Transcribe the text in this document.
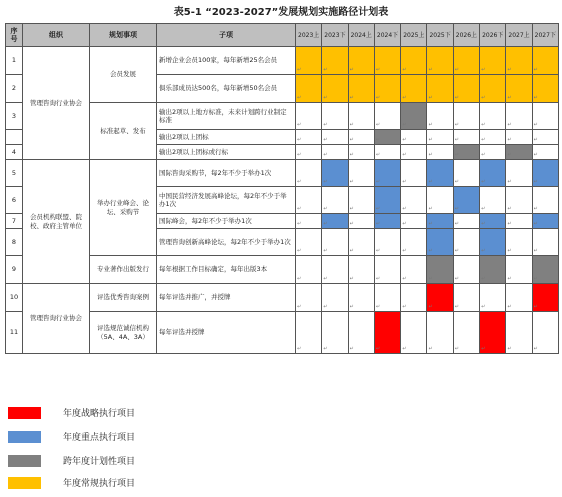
表5-1 “2023-2027”发展规划实施路径计划表
序号	组织	规划事项	子项	2023上	2023下	2024上	2024下	2025上	2025下	2026上	2026下	2027上	2027下
1	管理咨询行业协会	会员发展	新增企业会员100家，每年新增25名会员	↵	↵	↵	↵	↵	↵	↵	↵	↵	↵
2			俱乐部成员达500名，每年新增50名会员	↵	↵	↵	↵	↵	↵	↵	↵	↵	↵
3		标准起草、发布	输出2项以上地方标准，未来计划跨行业制定标准	↵	↵	↵	↵	↵	↵	↵	↵	↵	↵
			输出2项以上团标	↵	↵	↵	↵	↵	↵	↵	↵	↵	↵
4			输出2项以上团标或行标	↵	↵	↵	↵	↵	↵	↵	↵	↵	↵
5	会员机构联盟、院校、政府主管单位	举办行业峰会、论坛、采购节	国际咨询采购节，每2年不少于举办1次	↵	↵	↵	↵	↵	↵	↵	↵	↵	↵
6			中国民营经济发展高峰论坛，每2年不少于举办1次	↵	↵	↵	↵	↵	↵	↵	↵	↵	↵
7			国际峰会，每2年不少于举办1次	↵	↵	↵	↵	↵	↵	↵	↵	↵	↵
8			管理咨询创新高峰论坛，每2年不少于举办1次	↵	↵	↵	↵	↵	↵	↵	↵	↵	↵
9		专业著作出版发行	每年根据工作目标确定，每年出版3本	↵	↵	↵	↵	↵	↵	↵	↵	↵	↵
10	管理咨询行业协会	评选优秀咨询案例	每年评选并推广，并授牌	↵	↵	↵	↵	↵	↵	↵	↵	↵	↵
11		评选规范诚信机构（5A、4A、3A）	每年评选并授牌	↵	↵	↵	↵	↵	↵	↵	↵	↵	↵
年度战略执行项目
年度重点执行项目
跨年度计划性项目
年度常规执行项目
